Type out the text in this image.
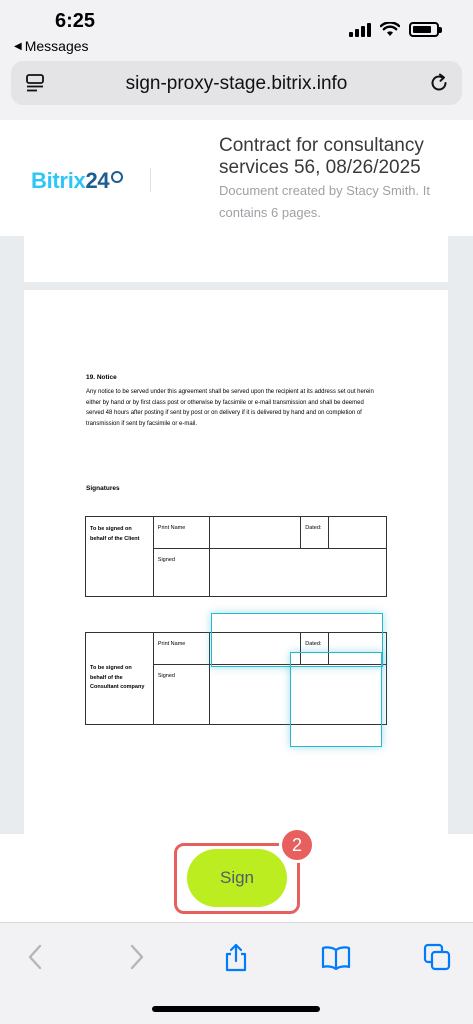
6:25
◀ Messages
sign-proxy-stage.bitrix.info
Bitrix 24
Contract for consultancy services 56, 08/26/2025
Document created by Stacy Smith. It contains 6 pages.
19. Notice
Any notice to be served under this agreement shall be served upon the recipient at its address set out herein either by hand or by first class post or otherwise by facsimile or e-mail transmission and shall be deemed served 48 hours after posting if sent by post or on delivery if it is delivered by hand and on completion of transmission if sent by facsimile or e-mail.
Signatures
To be signed on behalf of the Client	Print Name		Dated:	
	Signed			
To be signed on behalf of the Consultant company	Print Name		Dated:	
	Signed			
Sign
2
